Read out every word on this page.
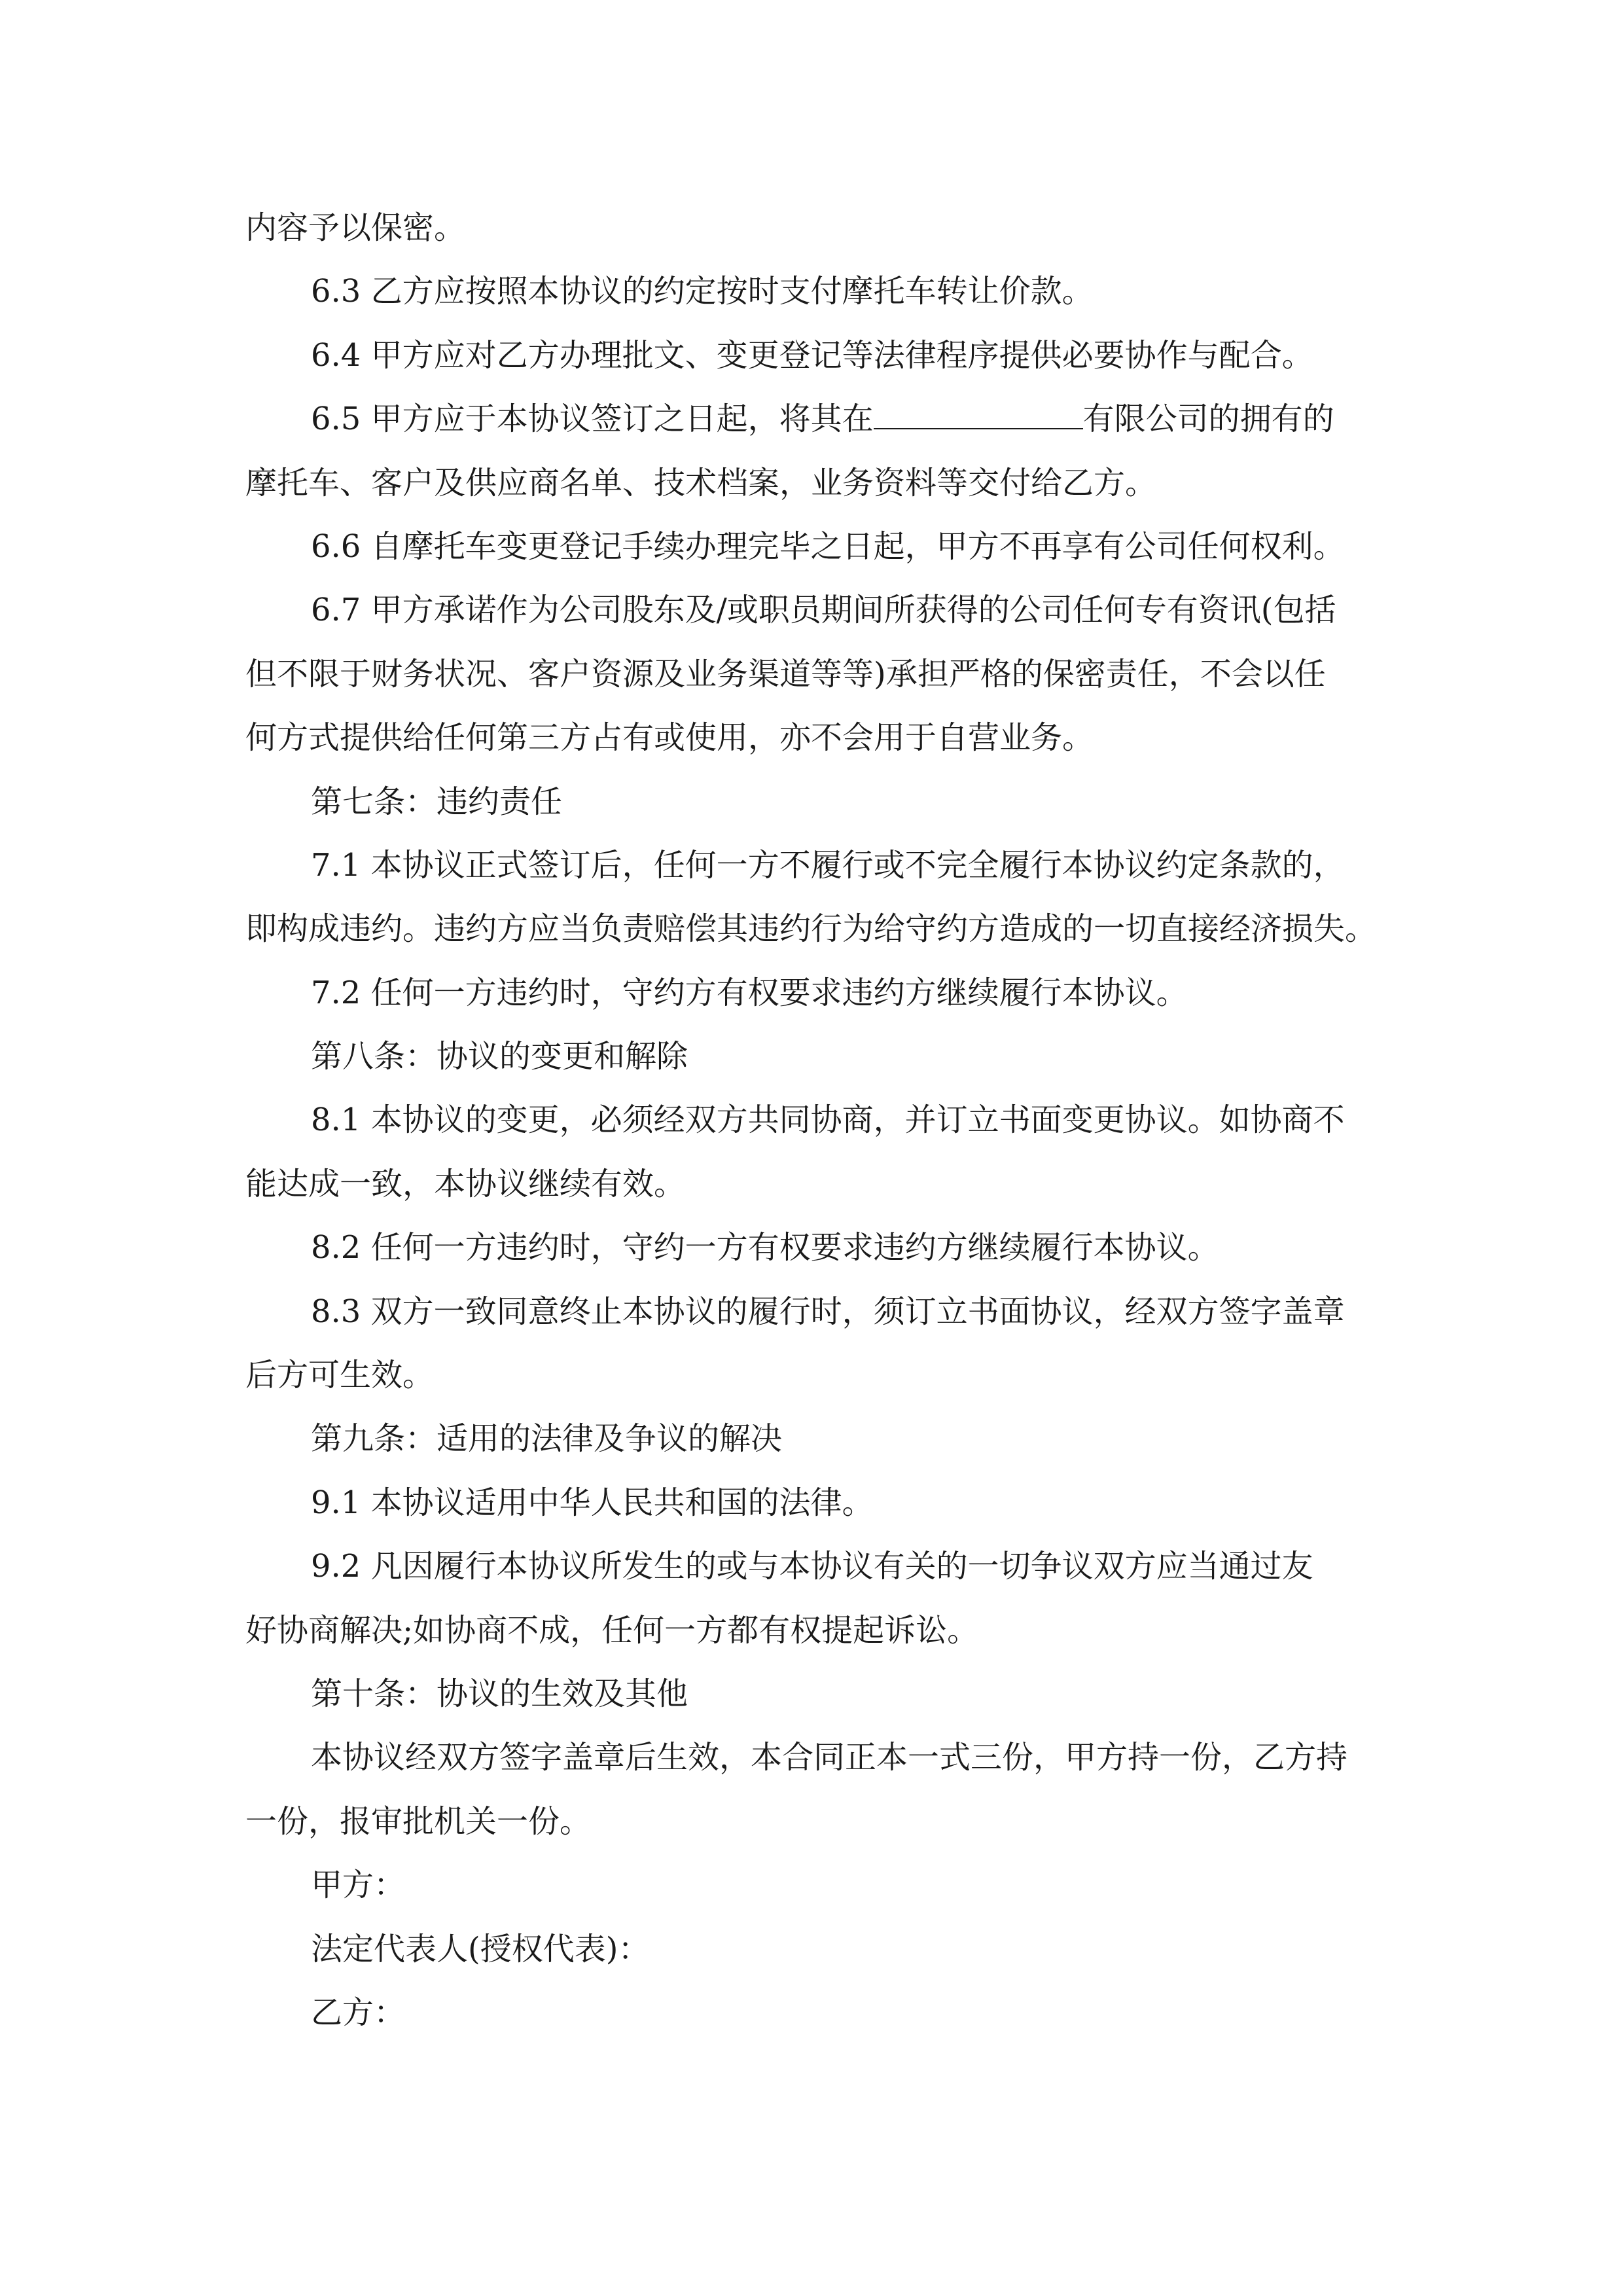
内容予以保密。
6.3 乙方应按照本协议的约定按时支付摩托车转让价款。
6.4 甲方应对乙方办理批文、变更登记等法律程序提供必要协作与配合。
6.5 甲方应于本协议签订之日起，将其在	有限公司的拥有的
摩托车、客户及供应商名单、技术档案，业务资料等交付给乙方。
6.6 自摩托车变更登记手续办理完毕之日起，甲方不再享有公司任何权利。
6.7 甲方承诺作为公司股东及/或职员期间所获得的公司任何专有资讯(包括
但不限于财务状况、客户资源及业务渠道等等)承担严格的保密责任，不会以任
何方式提供给任何第三方占有或使用，亦不会用于自营业务。
第七条：违约责任
7.1 本协议正式签订后，任何一方不履行或不完全履行本协议约定条款的，
即构成违约。违约方应当负责赔偿其违约行为给守约方造成的一切直接经济损失。
7.2 任何一方违约时，守约方有权要求违约方继续履行本协议。
第八条：协议的变更和解除
8.1 本协议的变更，必须经双方共同协商，并订立书面变更协议。如协商不
能达成一致，本协议继续有效。
8.2 任何一方违约时，守约一方有权要求违约方继续履行本协议。
8.3 双方一致同意终止本协议的履行时，须订立书面协议，经双方签字盖章
后方可生效。
第九条：适用的法律及争议的解决
9.1 本协议适用中华人民共和国的法律。
9.2 凡因履行本协议所发生的或与本协议有关的一切争议双方应当通过友
好协商解决;如协商不成，任何一方都有权提起诉讼。
第十条：协议的生效及其他
本协议经双方签字盖章后生效，本合同正本一式三份，甲方持一份，乙方持
一份，报审批机关一份。
甲方：
法定代表人(授权代表)：
乙方：
